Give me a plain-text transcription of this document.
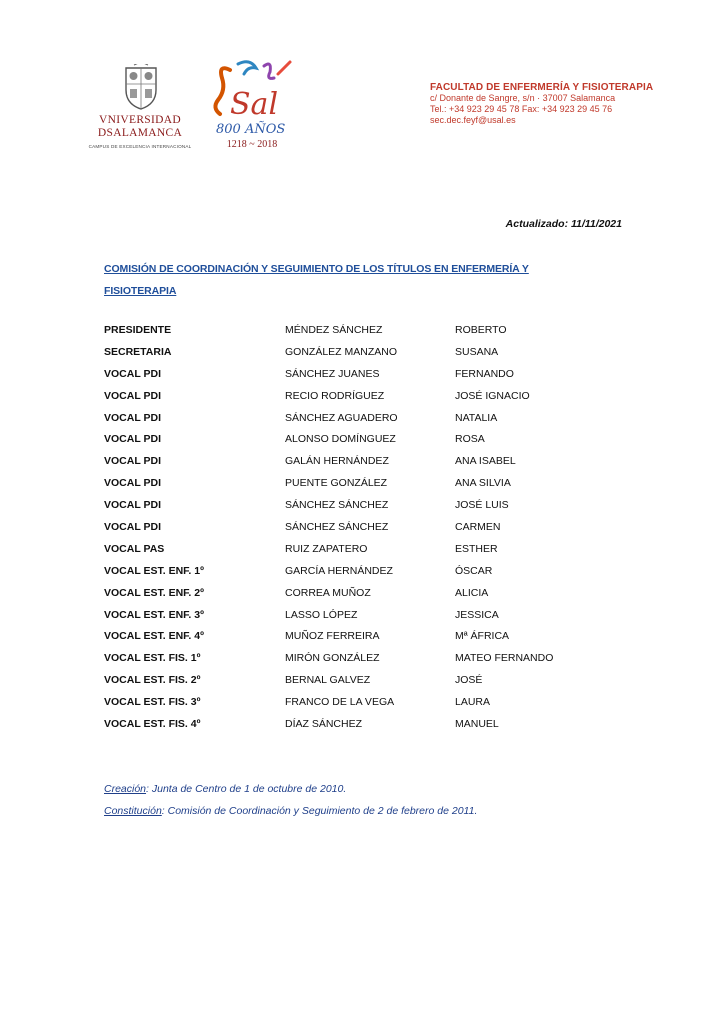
VNIVERSIDAD
DSALAMANCA
CAMPUS DE EXCELENCIA INTERNACIONAL
Sal
800 AÑOS
1218 ~ 2018
FACULTAD DE ENFERMERÍA Y FISIOTERAPIA
c/ Donante de Sangre, s/n · 37007 Salamanca
Tel.: +34 923 29 45 78 Fax: +34 923 29 45 76
sec.dec.feyf@usal.es
Actualizado: 11/11/2021
COMISIÓN DE COORDINACIÓN Y SEGUIMIENTO DE LOS TÍTULOS EN ENFERMERÍA Y
FISIOTERAPIA
PRESIDENTE	MÉNDEZ SÁNCHEZ	ROBERTO
SECRETARIA	GONZÁLEZ MANZANO	SUSANA
VOCAL PDI	SÁNCHEZ JUANES	FERNANDO
VOCAL PDI	RECIO RODRÍGUEZ	JOSÉ IGNACIO
VOCAL PDI	SÁNCHEZ AGUADERO	NATALIA
VOCAL PDI	ALONSO DOMÍNGUEZ	ROSA
VOCAL PDI	GALÁN HERNÁNDEZ	ANA ISABEL
VOCAL PDI	PUENTE GONZÁLEZ	ANA SILVIA
VOCAL PDI	SÁNCHEZ SÁNCHEZ	JOSÉ LUIS
VOCAL PDI	SÁNCHEZ SÁNCHEZ	CARMEN
VOCAL PAS	RUIZ ZAPATERO	ESTHER
VOCAL EST. ENF. 1º	GARCÍA HERNÁNDEZ	ÓSCAR
VOCAL EST. ENF. 2º	CORREA MUÑOZ	ALICIA
VOCAL EST. ENF. 3º	LASSO LÓPEZ	JESSICA
VOCAL EST. ENF. 4º	MUÑOZ FERREIRA	Mª ÁFRICA
VOCAL EST. FIS. 1º	MIRÓN GONZÁLEZ	MATEO FERNANDO
VOCAL EST. FIS. 2º	BERNAL GALVEZ	JOSÉ
VOCAL EST. FIS. 3º	FRANCO DE LA VEGA	LAURA
VOCAL EST. FIS. 4º	DÍAZ SÁNCHEZ	MANUEL
Creación: Junta de Centro de 1 de octubre de 2010.
Constitución: Comisión de Coordinación y Seguimiento de 2 de febrero de 2011.
